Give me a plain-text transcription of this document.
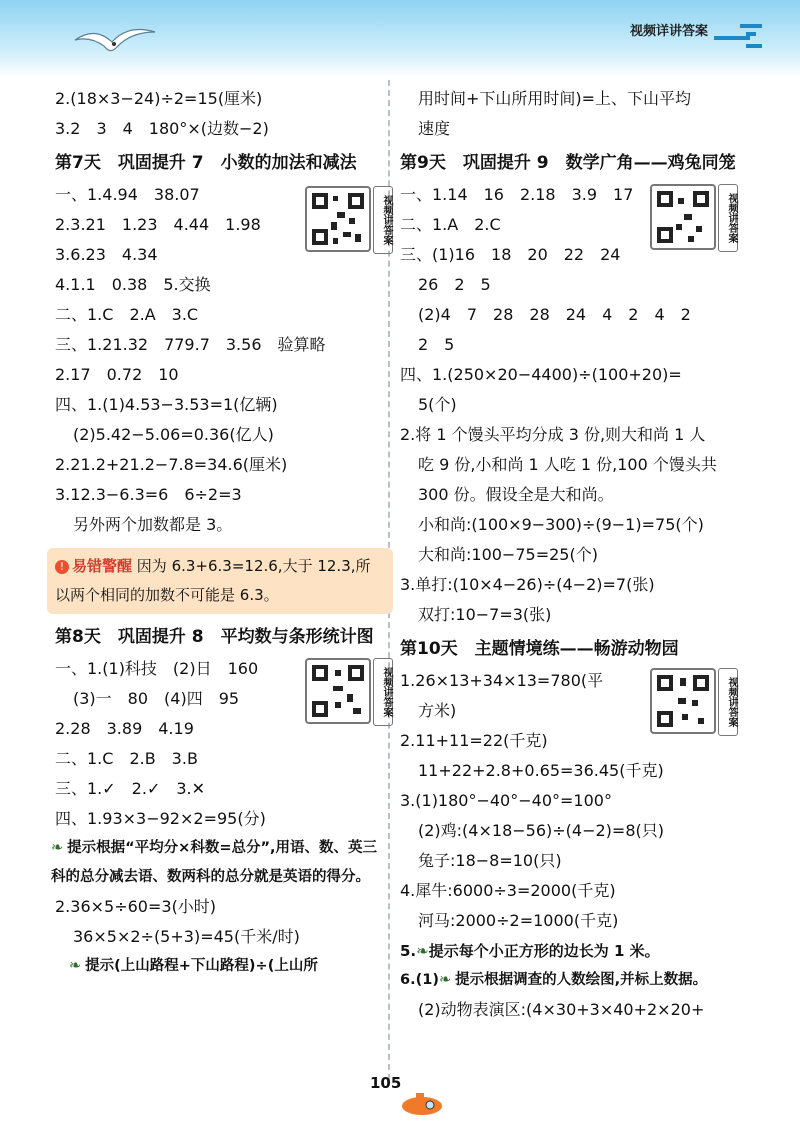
视频详讲答案
2.(18×3−24)÷2=15(厘米)
3.2　3　4　180°×(边数−2)
第7天　巩固提升 7　小数的加法和减法
视频讲答案
一、1.4.94　38.07
2.3.21　1.23　4.44　1.98
3.6.23　4.34
4.1.1　0.38　5.交换
二、1.C　2.A　3.C
三、1.21.32　779.7　3.56　验算略
2.17　0.72　10
四、1.(1)4.53−3.53=1(亿辆)
(2)5.42−5.06=0.36(亿人)
2.21.2+21.2−7.8=34.6(厘米)
3.12.3−6.3=6　6÷2=3
另外两个加数都是 3。
! 易错警醒 因为 6.3+6.3=12.6,大于 12.3,所以两个相同的加数不可能是 6.3。
第8天　巩固提升 8　平均数与条形统计图
视频讲答案
一、1.(1)科技　(2)日　160
(3)一　80　(4)四　95
2.28　3.89　4.19
二、1.C　2.B　3.B
三、1.✓　2.✓　3.✕
四、1.93×3−92×2=95(分)
❧ 提示根据“平均分×科数=总分”,用语、数、英三科的总分减去语、数两科的总分就是英语的得分。
2.36×5÷60=3(小时)
36×5×2÷(5+3)=45(千米/时)
❧ 提示(上山路程+下山路程)÷(上山所
用时间+下山所用时间)=上、下山平均
速度
第9天　巩固提升 9　数学广角——鸡兔同笼
视频讲答案
一、1.14　16　2.18　3.9　17
二、1.A　2.C
三、(1)16　18　20　22　24
26　2　5
(2)4　7　28　28　24　4　2　4　2
2　5
四、1.(250×20−4400)÷(100+20)=
5(个)
2.将 1 个馒头平均分成 3 份,则大和尚 1 人
吃 9 份,小和尚 1 人吃 1 份,100 个馒头共
300 份。假设全是大和尚。
小和尚:(100×9−300)÷(9−1)=75(个)
大和尚:100−75=25(个)
3.单打:(10×4−26)÷(4−2)=7(张)
双打:10−7=3(张)
第10天　主题情境练——畅游动物园
视频讲答案
1.26×13+34×13=780(平
方米)
2.11+11=22(千克)
11+22+2.8+0.65=36.45(千克)
3.(1)180°−40°−40°=100°
(2)鸡:(4×18−56)÷(4−2)=8(只)
兔子:18−8=10(只)
4.犀牛:6000÷3=2000(千克)
河马:2000÷2=1000(千克)
5.❧提示每个小正方形的边长为 1 米。
6.(1)❧ 提示根据调查的人数绘图,并标上数据。
(2)动物表演区:(4×30+3×40+2×20+
105
